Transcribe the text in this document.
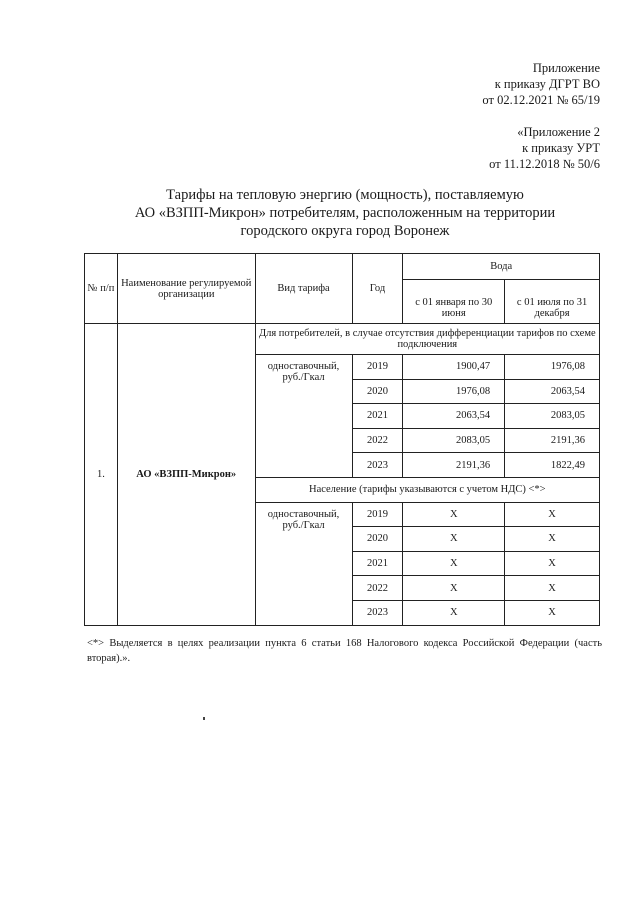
Приложение
к приказу ДГРТ ВО
от 02.12.2021 № 65/19
«Приложение 2
к приказу УРТ
от 11.12.2018 № 50/6
Тарифы на тепловую энергию (мощность), поставляемую
АО «ВЗПП-Микрон» потребителям, расположенным на территории
городского округа город Воронеж
№ п/п	Наименование регулируемой организации	Вид тарифа	Год	Вода	
				с 01 января по 30 июня	с 01 июля по 31 декабря
1.	АО «ВЗПП-Микрон»	Для потребителей, в случае отсутствия дифференциации тарифов по схеме подключения			
		одноставочный, руб./Гкал	2019	1900,47	1976,08
			2020	1976,08	2063,54
			2021	2063,54	2083,05
			2022	2083,05	2191,36
			2023	2191,36	1822,49
		Население (тарифы указываются с учетом НДС) <*>			
		одноставочный, руб./Гкал	2019	Х	Х
			2020	Х	Х
			2021	Х	Х
			2022	Х	Х
			2023	Х	Х
<*> Выделяется в целях реализации пункта 6 статьи 168 Налогового кодекса Российской Федерации (часть вторая).».
